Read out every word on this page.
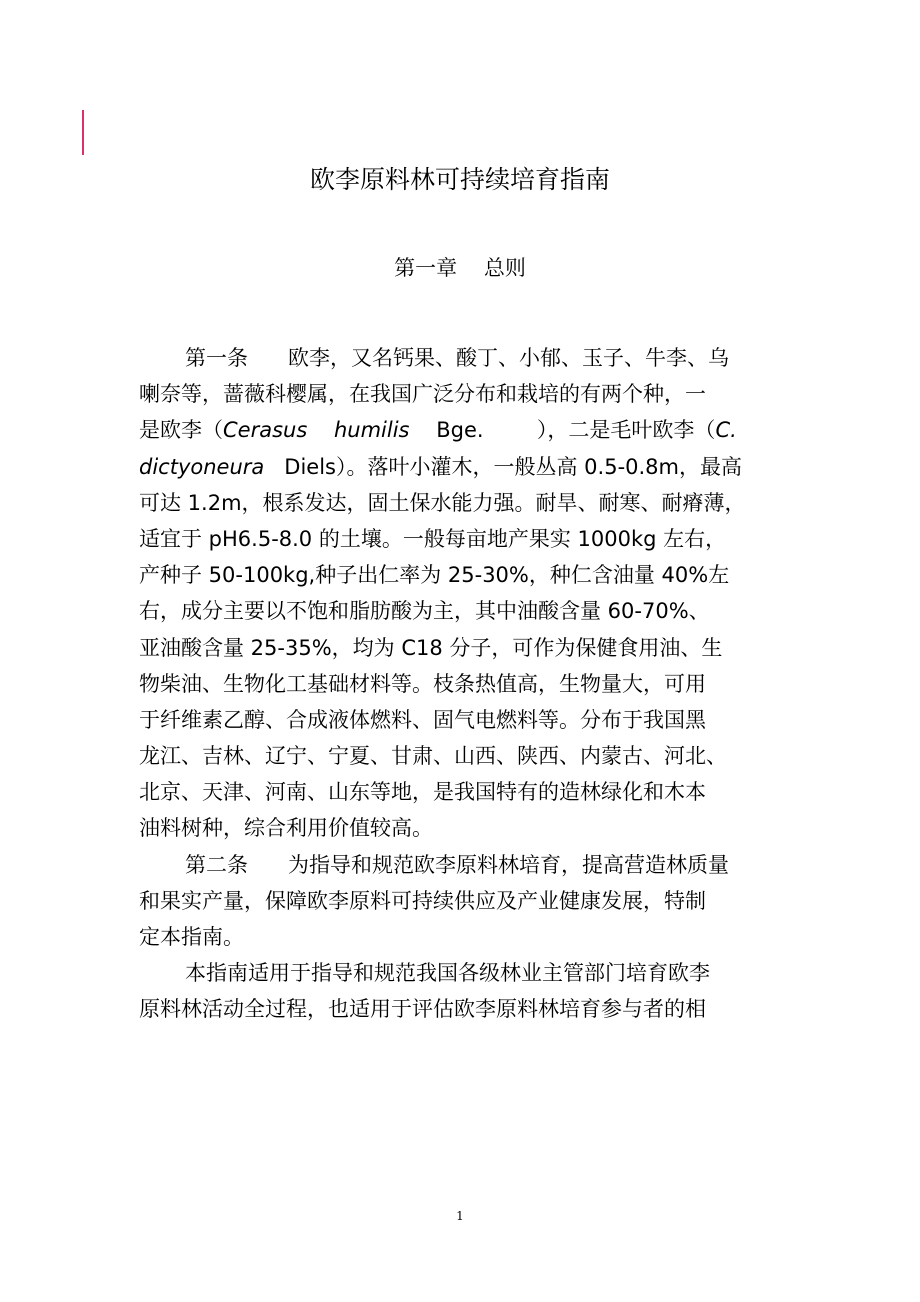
欧李原料林可持续培育指南
第一章    总则
第一条      欧李，又名钙果、酸丁、小郁、玉子、牛李、乌
喇奈等，蔷薇科樱属，在我国广泛分布和栽培的有两个种，一
是欧李（Cerasus    humilis    Bge.        ），二是毛叶欧李（C.
dictyoneura   Diels）。落叶小灌木，一般丛高 0.5-0.8m，最高
可达 1.2m，根系发达，固土保水能力强。耐旱、耐寒、耐瘠薄，
适宜于 pH6.5-8.0 的土壤。一般每亩地产果实 1000kg 左右，
产种子 50-100kg,种子出仁率为 25-30%，种仁含油量 40%左
右，成分主要以不饱和脂肪酸为主，其中油酸含量 60-70%、
亚油酸含量 25-35%，均为 C18 分子，可作为保健食用油、生
物柴油、生物化工基础材料等。枝条热值高，生物量大，可用
于纤维素乙醇、合成液体燃料、固气电燃料等。分布于我国黑
龙江、吉林、辽宁、宁夏、甘肃、山西、陕西、内蒙古、河北、
北京、天津、河南、山东等地，是我国特有的造林绿化和木本
油料树种，综合利用价值较高。
第二条      为指导和规范欧李原料林培育，提高营造林质量
和果实产量，保障欧李原料可持续供应及产业健康发展，特制
定本指南。
本指南适用于指导和规范我国各级林业主管部门培育欧李
原料林活动全过程，也适用于评估欧李原料林培育参与者的相
1
